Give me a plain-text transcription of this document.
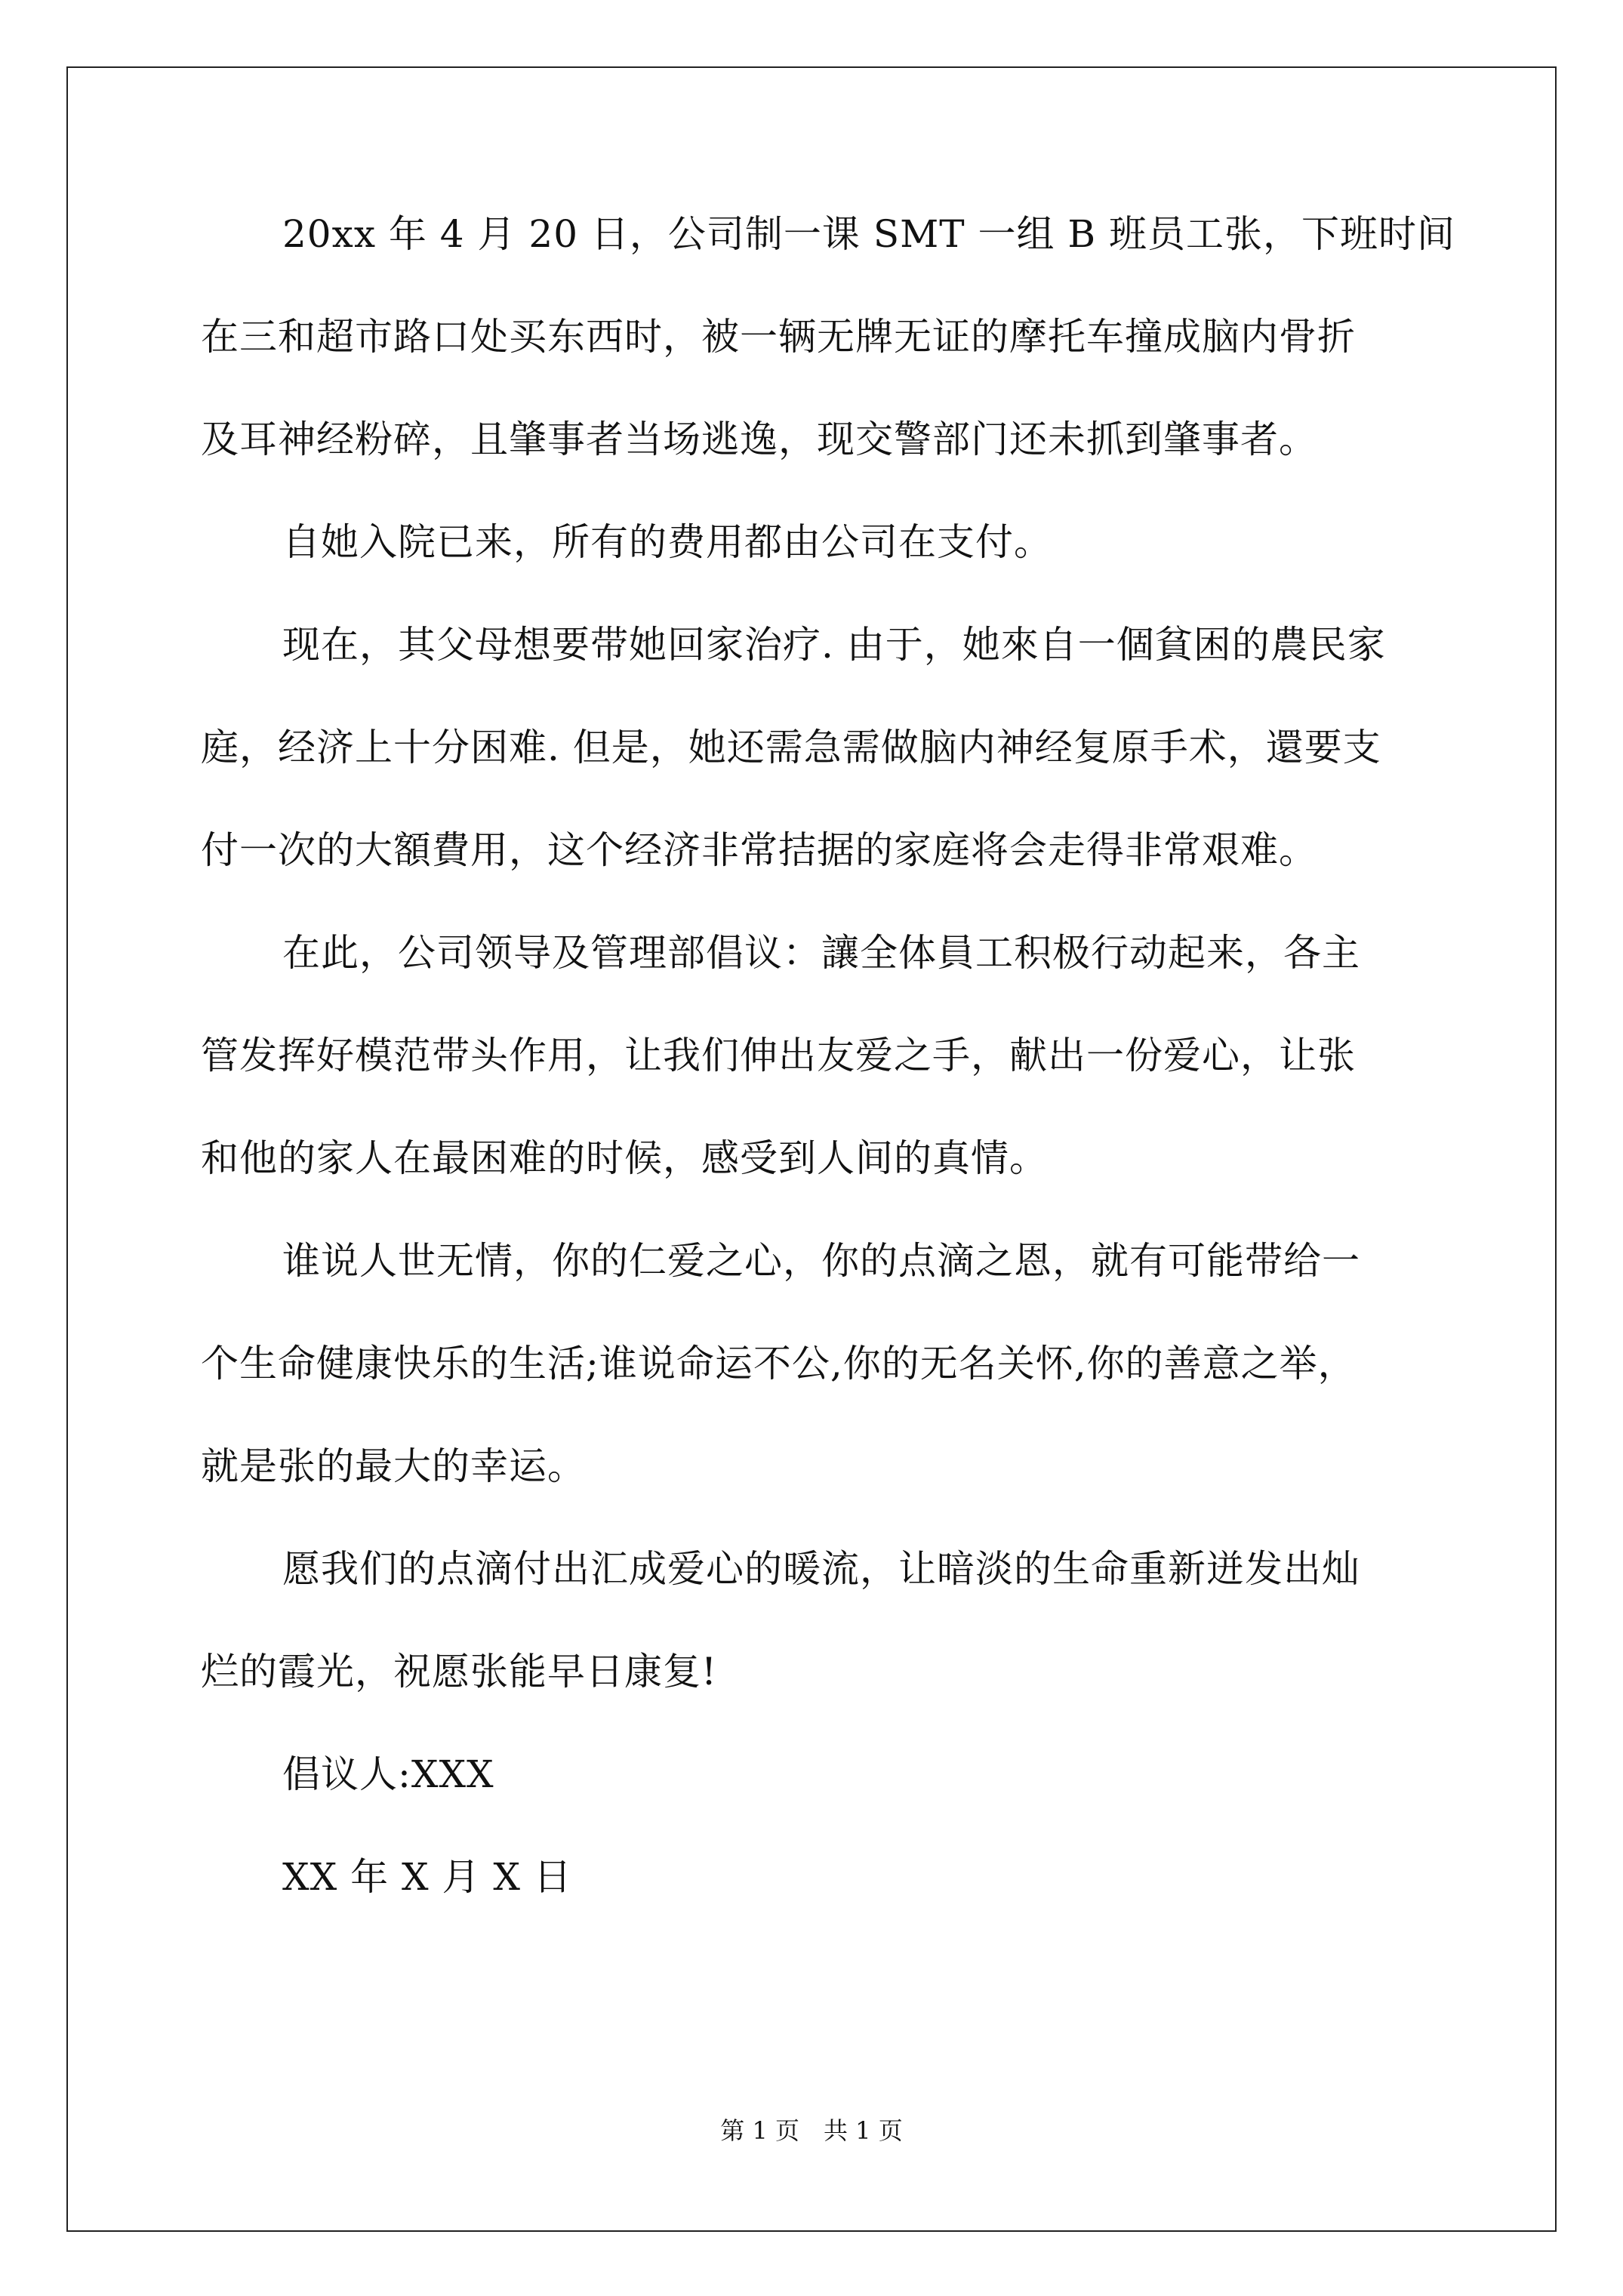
20xx 年 4 月 20 日，公司制一课 SMT 一组 B 班员工张，下班时间
在三和超市路口处买东西时，被一辆无牌无证的摩托车撞成脑内骨折
及耳神经粉碎，且肇事者当场逃逸，现交警部门还未抓到肇事者。
自她入院已来，所有的费用都由公司在支付。
现在，其父母想要带她回家治疗. 由于，她來自一個貧困的農民家
庭，经济上十分困难. 但是，她还需急需做脑内神经复原手术，還要支
付一次的大額費用，这个经济非常拮据的家庭将会走得非常艰难。
在此，公司领导及管理部倡议：讓全体員工积极行动起来，各主
管发挥好模范带头作用，让我们伸出友爱之手，献出一份爱心，让张
和他的家人在最困难的时候，感受到人间的真情。
谁说人世无情，你的仁爱之心，你的点滴之恩，就有可能带给一
个生命健康快乐的生活;谁说命运不公,你的无名关怀,你的善意之举，
就是张的最大的幸运。
愿我们的点滴付出汇成爱心的暖流，让暗淡的生命重新迸发出灿
烂的霞光，祝愿张能早日康复!
倡议人:XXX
XX 年 X 月 X 日
第 1 页　共 1 页
